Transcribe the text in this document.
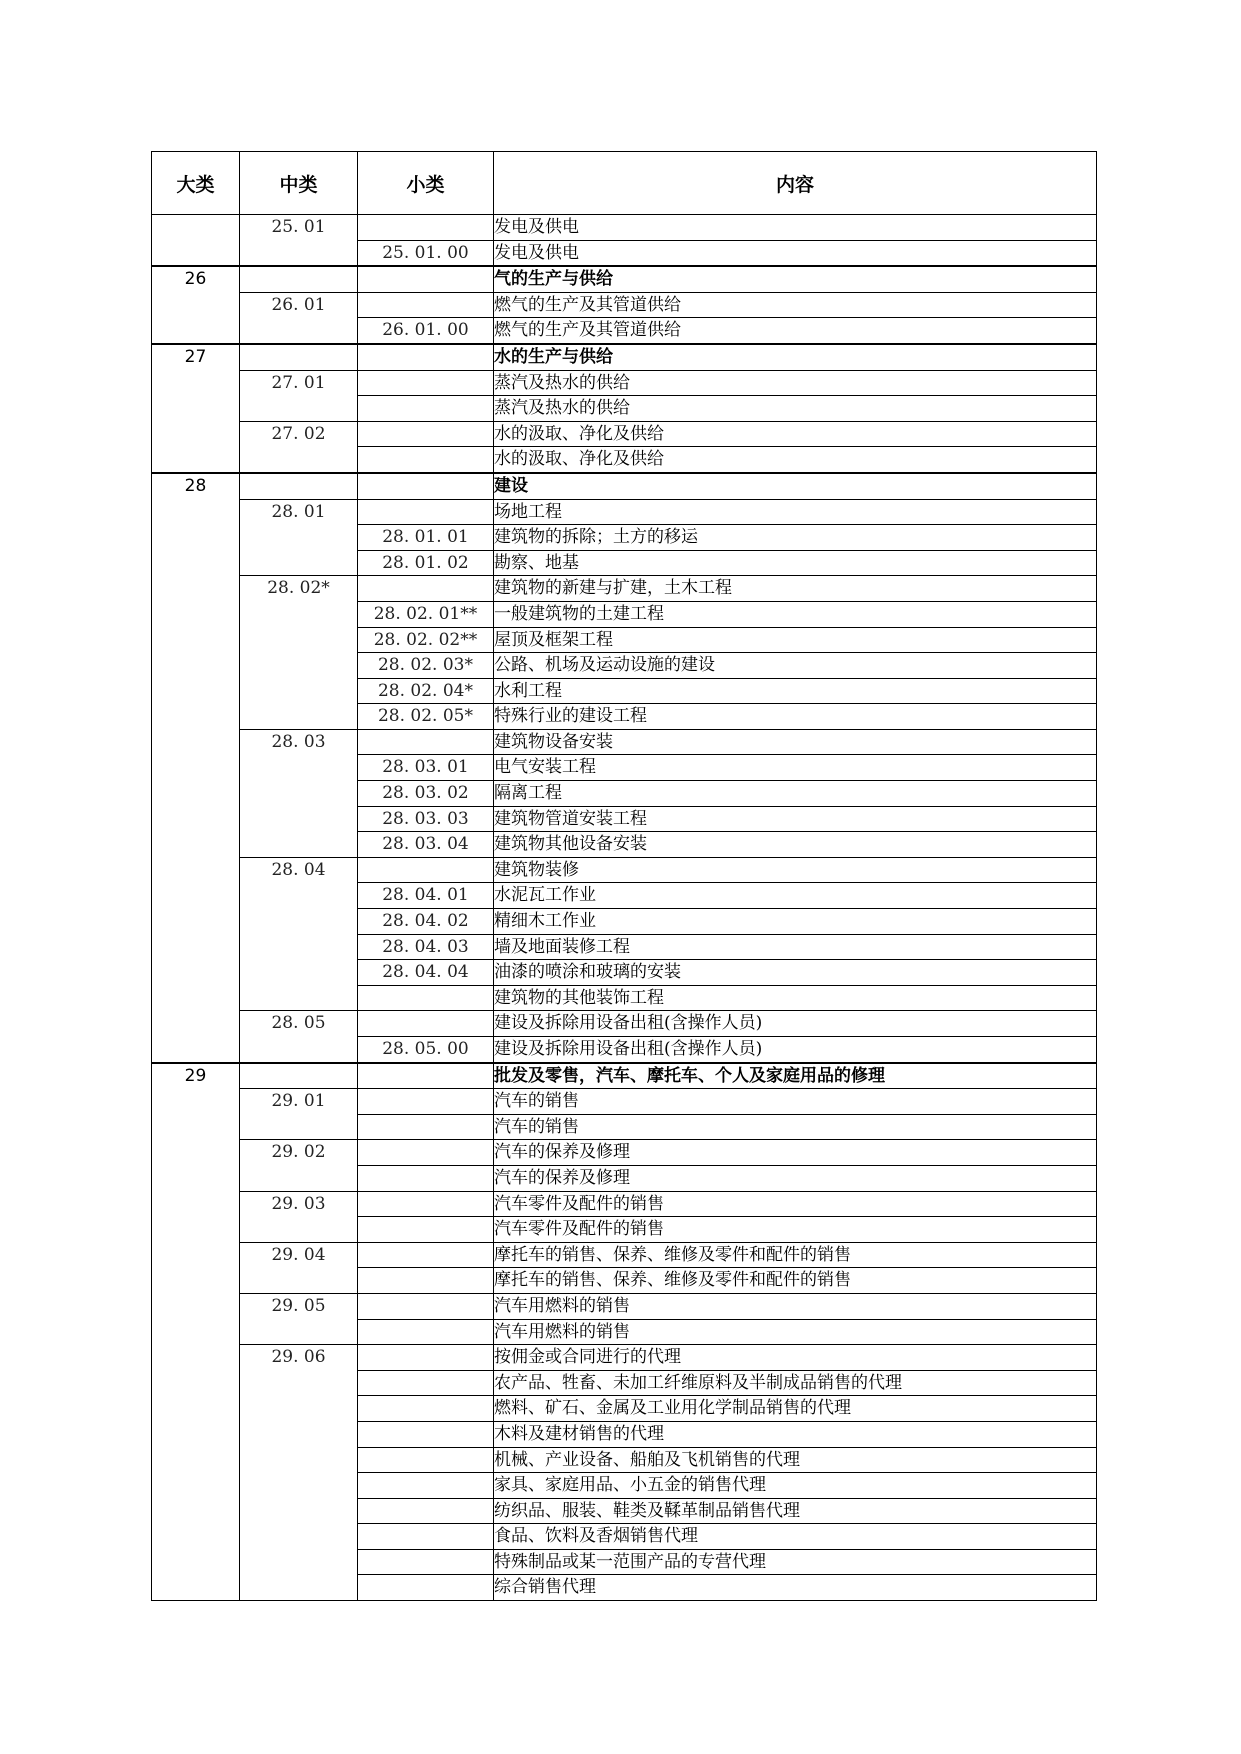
大类	中类	小类	内容
	25. 01		发电及供电
		25. 01. 00	发电及供电
26			气的生产与供给
	26. 01		燃气的生产及其管道供给
		26. 01. 00	燃气的生产及其管道供给
27			水的生产与供给
	27. 01		蒸汽及热水的供给
			蒸汽及热水的供给
	27. 02		水的汲取、净化及供给
			水的汲取、净化及供给
28			建设
	28. 01		场地工程
		28. 01. 01	建筑物的拆除；土方的移运
		28. 01. 02	勘察、地基
	28. 02*		建筑物的新建与扩建，土木工程
		28. 02. 01**	一般建筑物的土建工程
		28. 02. 02**	屋顶及框架工程
		28. 02. 03*	公路、机场及运动设施的建设
		28. 02. 04*	水利工程
		28. 02. 05*	特殊行业的建设工程
	28. 03		建筑物设备安装
		28. 03. 01	电气安装工程
		28. 03. 02	隔离工程
		28. 03. 03	建筑物管道安装工程
		28. 03. 04	建筑物其他设备安装
	28. 04		建筑物装修
		28. 04. 01	水泥瓦工作业
		28. 04. 02	精细木工作业
		28. 04. 03	墙及地面装修工程
		28. 04. 04	油漆的喷涂和玻璃的安装
			建筑物的其他装饰工程
	28. 05		建设及拆除用设备出租(含操作人员)
		28. 05. 00	建设及拆除用设备出租(含操作人员)
29			批发及零售，汽车、摩托车、个人及家庭用品的修理
	29. 01		汽车的销售
			汽车的销售
	29. 02		汽车的保养及修理
			汽车的保养及修理
	29. 03		汽车零件及配件的销售
			汽车零件及配件的销售
	29. 04		摩托车的销售、保养、维修及零件和配件的销售
			摩托车的销售、保养、维修及零件和配件的销售
	29. 05		汽车用燃料的销售
			汽车用燃料的销售
	29. 06		按佣金或合同进行的代理
			农产品、牲畜、未加工纤维原料及半制成品销售的代理
			燃料、矿石、金属及工业用化学制品销售的代理
			木料及建材销售的代理
			机械、产业设备、船舶及飞机销售的代理
			家具、家庭用品、小五金的销售代理
			纺织品、服装、鞋类及鞣革制品销售代理
			食品、饮料及香烟销售代理
			特殊制品或某一范围产品的专营代理
			综合销售代理
